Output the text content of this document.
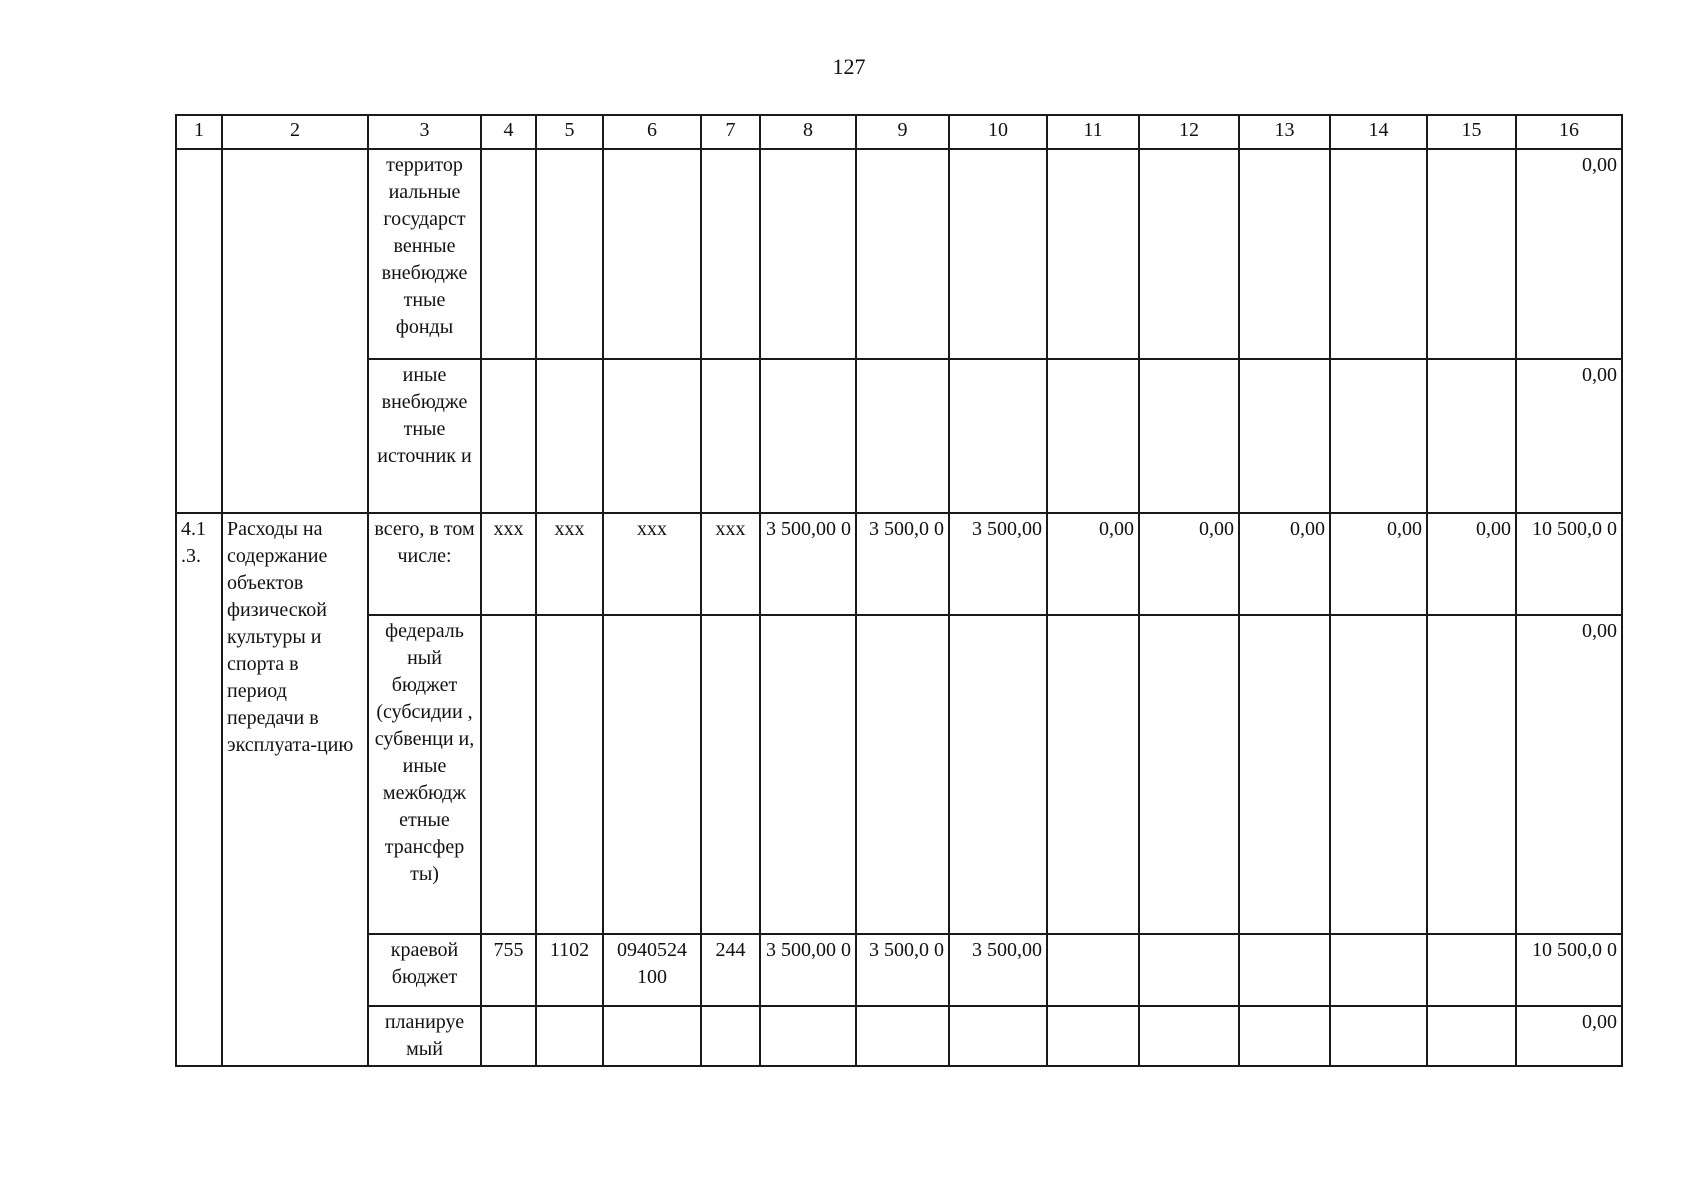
127
1	2	3	4	5	6	7	8	9	10	11	12	13	14	15	16
		территор иальные государст венные внебюдже тные фонды													0,00
		иные внебюдже тные источник и													0,00
4.1 .3.	Расходы на содержание объектов физической культуры и спорта в период передачи в эксплуата-цию	всего, в том числе:	xxx	xxx	xxx	xxx	3 500,00 0	3 500,0 0	3 500,00	0,00	0,00	0,00	0,00	0,00	10 500,0 0
		федераль ный бюджет (субсидии , субвенци и, иные межбюдж етные трансфер ты)													0,00
		краевой бюджет	755	1102	0940524 100	244	3 500,00 0	3 500,0 0	3 500,00						10 500,0 0
		планируе мый													0,00
